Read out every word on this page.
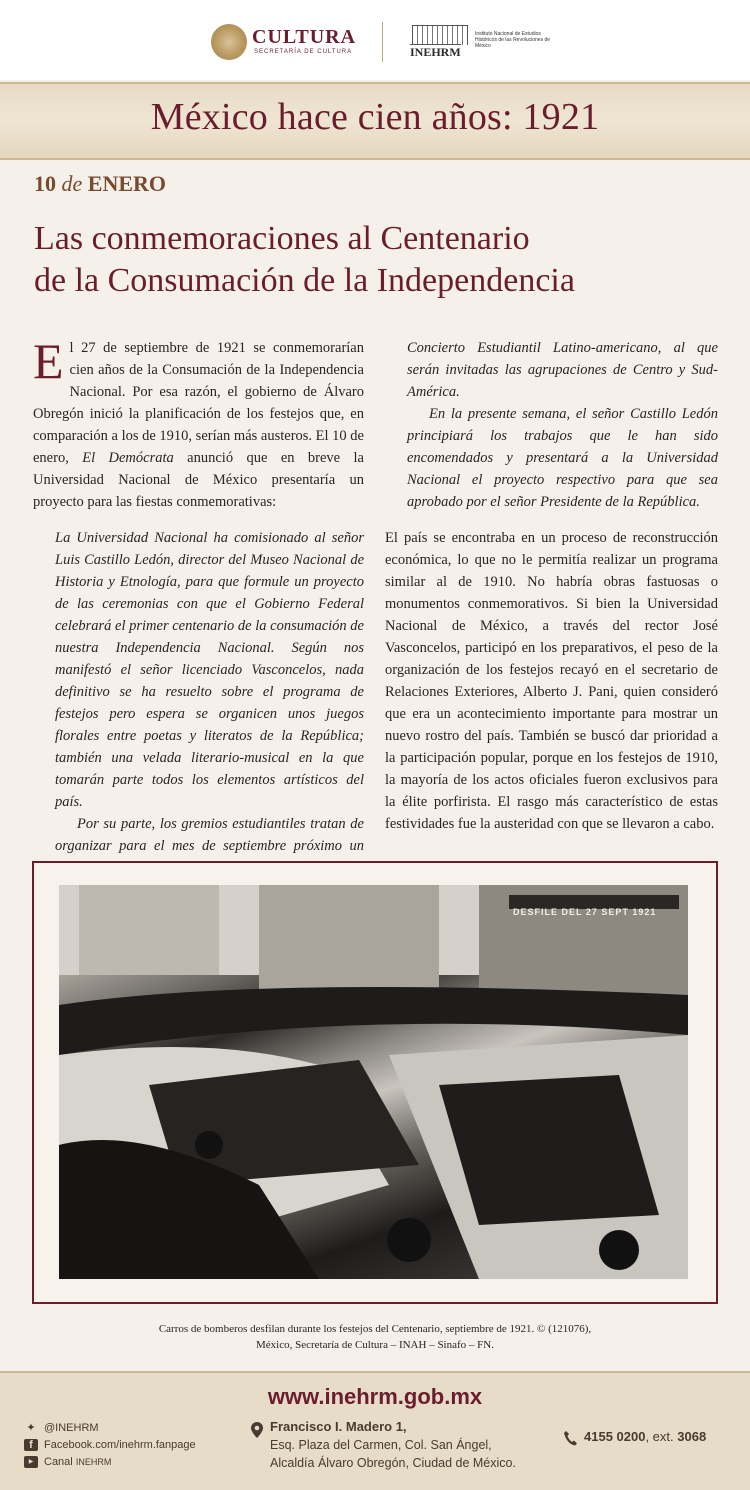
CULTURA
SECRETARÍA DE CULTURA	INEHRM
Instituto Nacional de Estudios Históricos de las Revoluciones de México
México hace cien años: 1921
10 de ENERO
Las conmemoraciones al Centenario
de la Consumación de la Independencia

El 27 de septiembre de 1921 se conmemorarían cien años de la Consumación de la Independencia Nacional. Por esa razón, el gobierno de Álvaro Obregón inició la planificación de los festejos que, en comparación a los de 1910, serían más austeros. El 10 de enero, El Demócrata anunció que en breve la Universidad Nacional de México presentaría un proyecto para las fiestas conmemorativas:

La Universidad Nacional ha comisionado al señor Luis Castillo Ledón, director del Museo Nacional de Historia y Etnología, para que formule un proyecto de las ceremonias con que el Gobierno Federal celebrará el primer centenario de la consumación de nuestra Independencia Nacional. Según nos manifestó el señor licenciado Vasconcelos, nada definitivo se ha resuelto sobre el programa de festejos pero espera se organicen unos juegos florales entre poetas y literatos de la República; también una velada literario-musical en la que tomarán parte todos los elementos artísticos del país.

Por su parte, los gremios estudiantiles tratan de organizar para el mes de septiembre próximo un

Concierto Estudiantil Latino-americano, al que serán invitadas las agrupaciones de Centro y Sud-América.

En la presente semana, el señor Castillo Ledón principiará los trabajos que le han sido encomendados y presentará a la Universidad Nacional el proyecto respectivo para que sea aprobado por el señor Presidente de la República.

El país se encontraba en un proceso de reconstrucción económica, lo que no le permitía realizar un programa similar al de 1910. No habría obras fastuosas o monumentos conmemorativos. Si bien la Universidad Nacional de México, a través del rector José Vasconcelos, participó en los preparativos, el peso de la organización de los festejos recayó en el secretario de Relaciones Exteriores, Alberto J. Pani, quien consideró que era un acontecimiento importante para mostrar un nuevo rostro del país. También se buscó dar prioridad a la participación popular, porque en los festejos de 1910, la mayoría de los actos oficiales fueron exclusivos para la élite porfirista. El rasgo más característico de estas festividades fue la austeridad con que se llevaron a cabo.

DESFILE DEL 27 SEPT 1921
Carros de bomberos desfilan durante los festejos del Centenario, septiembre de 1921. © (121076),
México, Secretaría de Cultura – INAH – Sinafo – FN.
www.inehrm.gob.mx
✦ @INEHRM
f	Facebook.com/inehrm.fanpage
▶ Canal
INEHRM
Francisco I. Madero 1,
Esq. Plaza del Carmen, Col. San Ángel,
Alcaldía Álvaro Obregón, Ciudad de México.
4155 0200, ext. 3068
